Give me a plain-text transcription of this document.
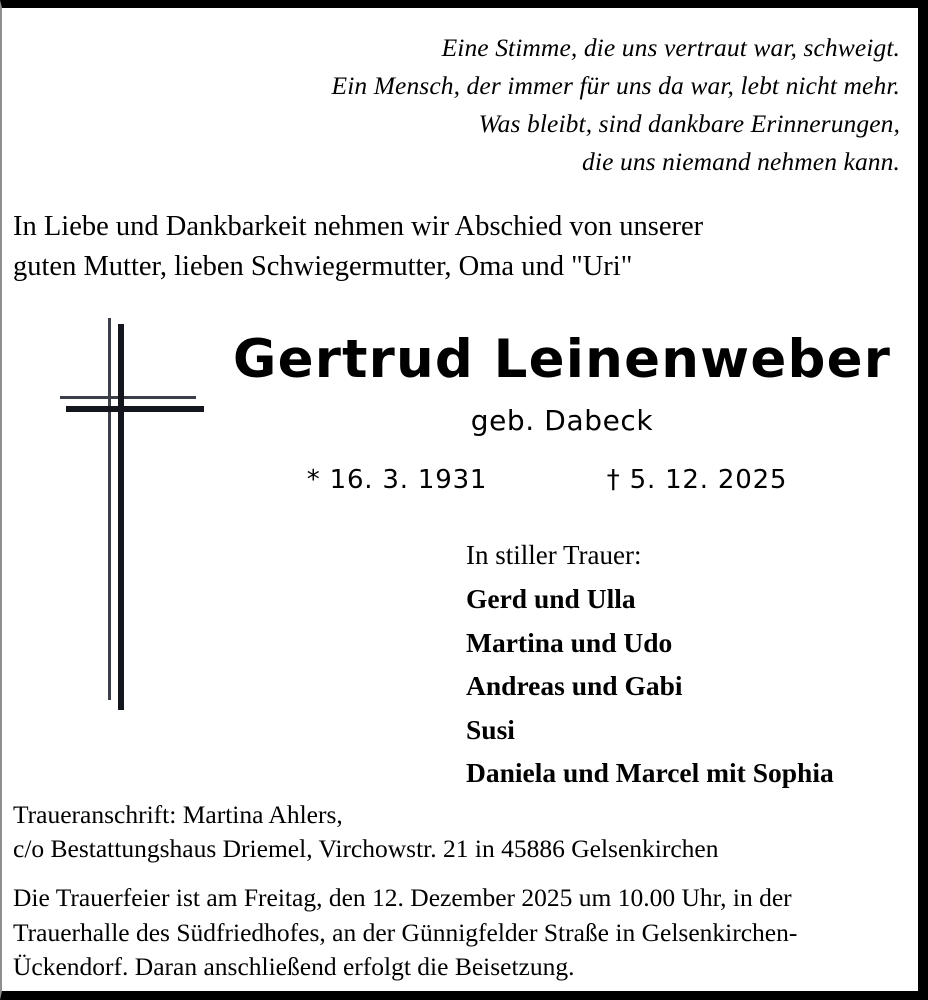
Eine Stimme, die uns vertraut war, schweigt.
Ein Mensch, der immer für uns da war, lebt nicht mehr.
Was bleibt, sind dankbare Erinnerungen,
die uns niemand nehmen kann.
In Liebe und Dankbarkeit nehmen wir Abschied von unserer
guten Mutter, lieben Schwiegermutter, Oma und "Uri"
Gertrud Leinenweber
geb. Dabeck
* 16. 3. 1931	† 5. 12. 2025
In stiller Trauer:
Gerd und Ulla
Martina und Udo
Andreas und Gabi
Susi
Daniela und Marcel mit Sophia
Traueranschrift: Martina Ahlers,
c/o Bestattungshaus Driemel, Virchowstr. 21 in 45886 Gelsenkirchen
Die Trauerfeier ist am Freitag, den 12. Dezember 2025 um 10.00 Uhr, in der
Trauerhalle des Südfriedhofes, an der Günnigfelder Straße in Gelsenkirchen-
Ückendorf. Daran anschließend erfolgt die Beisetzung.
